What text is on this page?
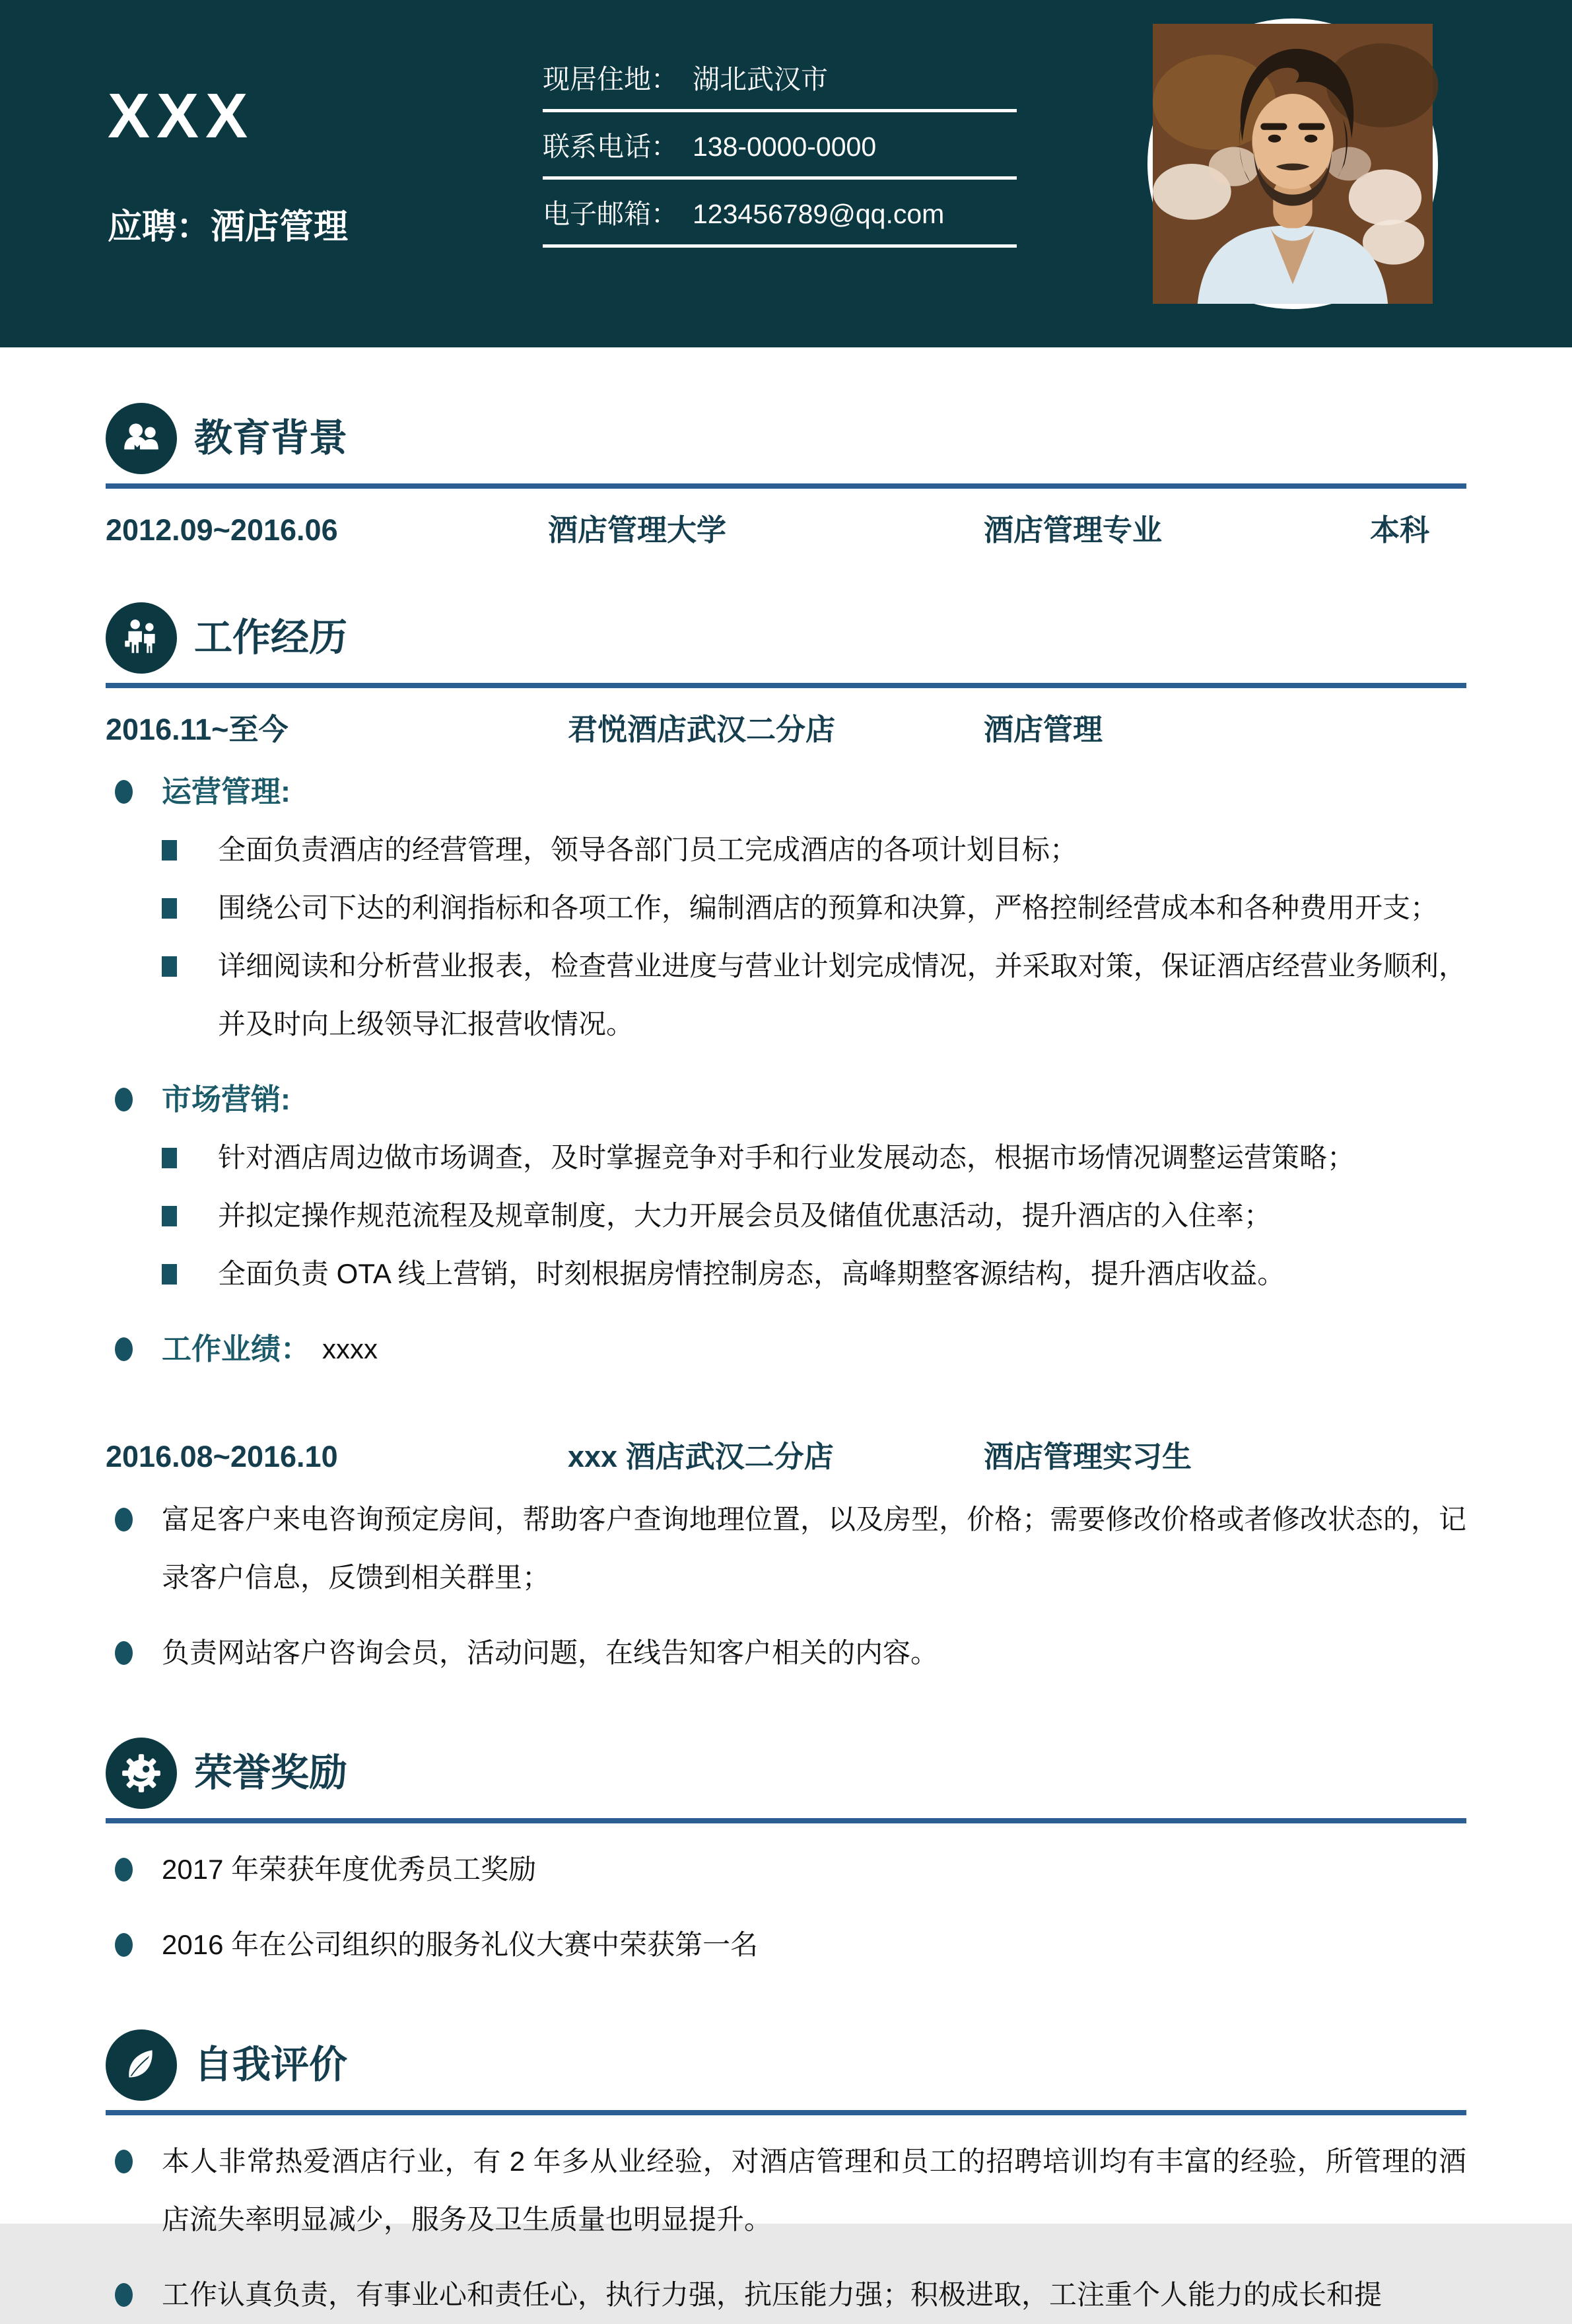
XXX
应聘：酒店管理
现居住地： 湖北武汉市
联系电话： 138-0000-0000
电子邮箱： 123456789@qq.com
教育背景
2012.09~2016.06	酒店管理大学	酒店管理专业	本科
工作经历
2016.11~至今	君悦酒店武汉二分店	酒店管理
运营管理:

全面负责酒店的经营管理，领导各部门员工完成酒店的各项计划目标；

围绕公司下达的利润指标和各项工作，编制酒店的预算和决算，严格控制经营成本和各种费用开支；

详细阅读和分析营业报表，检查营业进度与营业计划完成情况，并采取对策，保证酒店经营业务顺利，并及时向上级领导汇报营收情况。

市场营销:

针对酒店周边做市场调查，及时掌握竞争对手和行业发展动态，根据市场情况调整运营策略；

并拟定操作规范流程及规章制度，大力开展会员及储值优惠活动，提升酒店的入住率；

全面负责 OTA 线上营销，时刻根据房情控制房态，高峰期整客源结构，提升酒店收益。

工作业绩： xxxx
2016.08~2016.10	xxx 酒店武汉二分店	酒店管理实习生

富足客户来电咨询预定房间，帮助客户查询地理位置，以及房型，价格；需要修改价格或者修改状态的，记录客户信息，反馈到相关群里；

负责网站客户咨询会员，活动问题，在线告知客户相关的内容。

荣誉奖励

2017 年荣获年度优秀员工奖励

2016 年在公司组织的服务礼仪大赛中荣获第一名

自我评价

本人非常热爱酒店行业，有 2 年多从业经验，对酒店管理和员工的招聘培训均有丰富的经验，所管理的酒店流失率明显减少，服务及卫生质量也明显提升。

工作认真负责，有事业心和责任心，执行力强，抗压能力强；积极进取，工注重个人能力的成长和提
